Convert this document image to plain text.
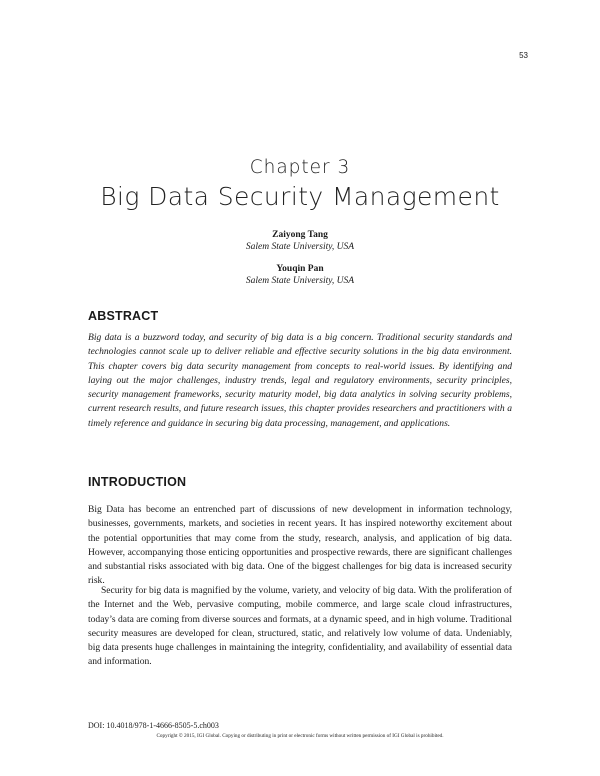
53
Chapter 3
Big Data Security Management
Zaiyong Tang
Salem State University, USA
Youqin Pan
Salem State University, USA
ABSTRACT
Big data is a buzzword today, and security of big data is a big concern. Traditional security standards and technologies cannot scale up to deliver reliable and effective security solutions in the big data environment. This chapter covers big data security management from concepts to real-world issues. By identifying and laying out the major challenges, industry trends, legal and regulatory environments, security principles, security management frameworks, security maturity model, big data analytics in solving security problems, current research results, and future research issues, this chapter provides researchers and practitioners with a timely reference and guidance in securing big data processing, management, and applications.
INTRODUCTION
Big Data has become an entrenched part of discussions of new development in information technology, businesses, governments, markets, and societies in recent years. It has inspired noteworthy excitement about the potential opportunities that may come from the study, research, analysis, and application of big data. However, accompanying those enticing opportunities and prospective rewards, there are significant challenges and substantial risks associated with big data. One of the biggest challenges for big data is increased security risk.
Security for big data is magnified by the volume, variety, and velocity of big data. With the proliferation of the Internet and the Web, pervasive computing, mobile commerce, and large scale cloud infrastructures, today’s data are coming from diverse sources and formats, at a dynamic speed, and in high volume. Traditional security measures are developed for clean, structured, static, and relatively low volume of data. Undeniably, big data presents huge challenges in maintaining the integrity, confidentiality, and availability of essential data and information.
DOI: 10.4018/978-1-4666-8505-5.ch003
Copyright © 2015, IGI Global. Copying or distributing in print or electronic forms without written permission of IGI Global is prohibited.
